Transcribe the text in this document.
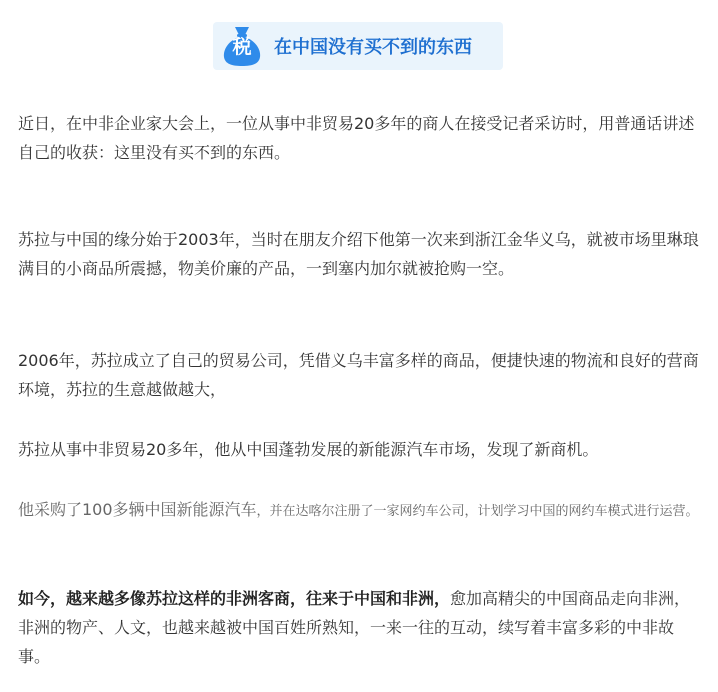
税	在中国没有买不到的东西

近日，在中非企业家大会上，一位从事中非贸易20多年的商人在接受记者采访时，用普通话讲述自己的收获：这里没有买不到的东西。

苏拉与中国的缘分始于2003年，当时在朋友介绍下他第一次来到浙江金华义乌，就被市场里琳琅满目的小商品所震撼，物美价廉的产品，一到塞内加尔就被抢购一空。

2006年，苏拉成立了自己的贸易公司，凭借义乌丰富多样的商品，便捷快速的物流和良好的营商环境，苏拉的生意越做越大，

苏拉从事中非贸易20多年，他从中国蓬勃发展的新能源汽车市场，发现了新商机。

他采购了100多辆中国新能源汽车，并在达喀尔注册了一家网约车公司，计划学习中国的网约车模式进行运营。

如今，越来越多像苏拉这样的非洲客商，往来于中国和非洲，愈加高精尖的中国商品走向非洲，非洲的物产、人文，也越来越被中国百姓所熟知，一来一往的互动，续写着丰富多彩的中非故事。
